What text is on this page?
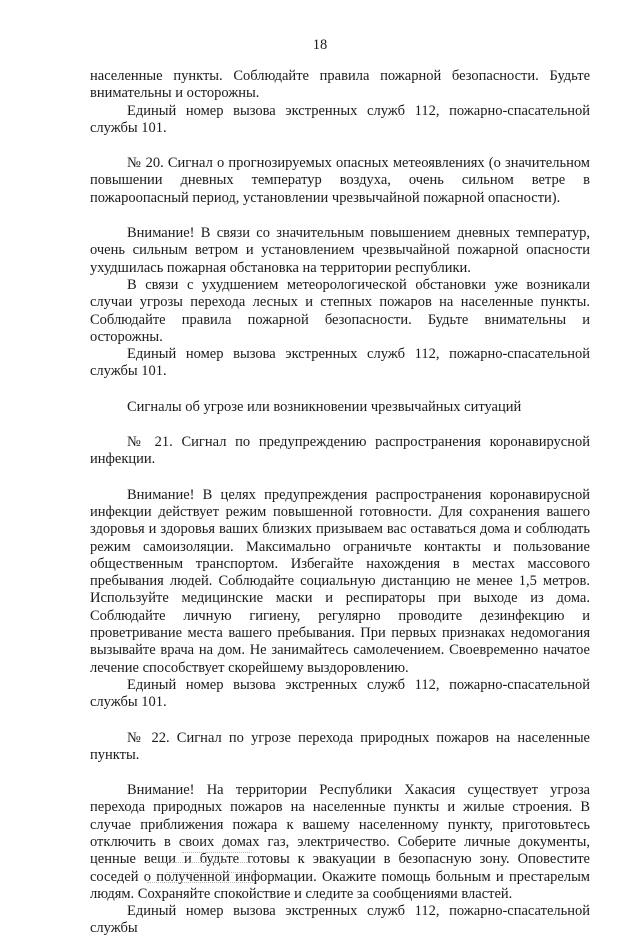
18

населенные пункты. Соблюдайте правила пожарной безопасности. Будьте внимательны и осторожны.

Единый номер вызова экстренных служб 112, пожарно-спасательной службы 101.

№ 20. Сигнал о прогнозируемых опасных метеоявлениях (о значительном повышении дневных температур воздуха, очень сильном ветре в пожароопасный период, установлении чрезвычайной пожарной опасности).

Внимание! В связи со значительным повышением дневных температур, очень сильным ветром и установлением чрезвычайной пожарной опасности ухудшилась пожарная обстановка на территории республики.

В связи с ухудшением метеорологической обстановки уже возникали случаи угрозы перехода лесных и степных пожаров на населенные пункты. Соблюдайте правила пожарной безопасности. Будьте внимательны и осторожны.

Единый номер вызова экстренных служб 112, пожарно-спасательной службы 101.

Сигналы об угрозе или возникновении чрезвычайных ситуаций

№ 21. Сигнал по предупреждению распространения коронавирусной инфекции.

Внимание! В целях предупреждения распространения коронавирусной инфекции действует режим повышенной готовности. Для сохранения вашего здоровья и здоровья ваших близких призываем вас оставаться дома и соблюдать режим самоизоляции. Максимально ограничьте контакты и пользование общественным транспортом. Избегайте нахождения в местах массового пребывания людей. Соблюдайте социальную дистанцию не менее 1,5 метров. Используйте медицинские маски и респираторы при выходе из дома. Соблюдайте личную гигиену, регулярно проводите дезинфекцию и проветривание места вашего пребывания. При первых признаках недомогания вызывайте врача на дом. Не занимайтесь самолечением. Своевременно начатое лечение способствует скорейшему выздоровлению.

Единый номер вызова экстренных служб 112, пожарно-спасательной службы 101.

№ 22. Сигнал по угрозе перехода природных пожаров на населенные пункты.

Внимание! На территории Республики Хакасия существует угроза перехода природных пожаров на населенные пункты и жилые строения. В случае приближения пожара к вашему населенному пункту, приготовьтесь отключить в своих домах газ, электричество. Соберите личные документы, ценные вещи и будьте готовы к эвакуации в безопасную зону. Оповестите соседей о полученной информации. Окажите помощь больным и престарелым людям. Сохраняйте спокойствие и следите за сообщениями властей.

Единый номер вызова экстренных служб 112, пожарно-спасательной службы
